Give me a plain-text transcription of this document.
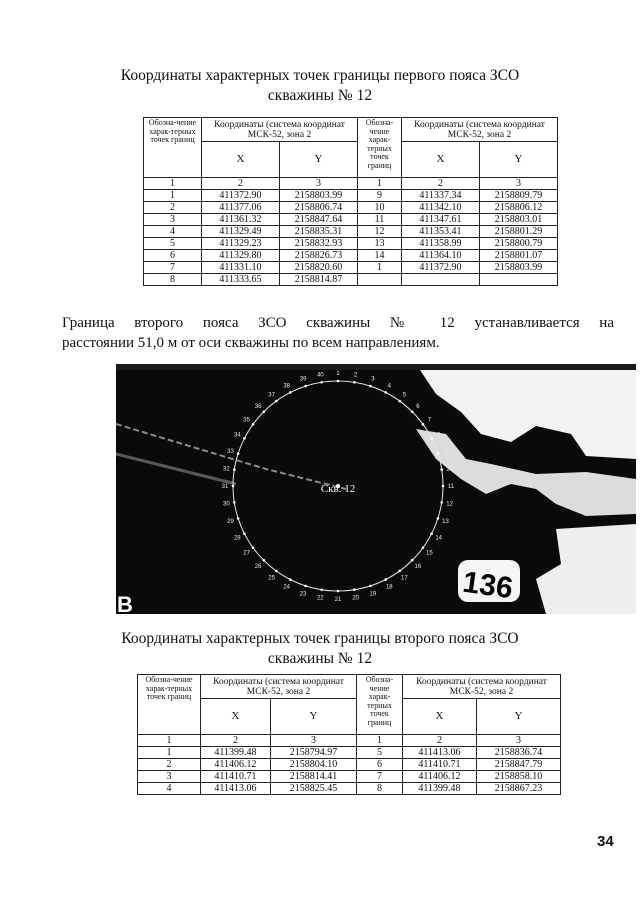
Координаты характерных точек границы первого пояса ЗСО
скважины № 12
Обозна-чение харак-терных точек границ	Координаты (система координат МСК-52, зона 2		Обозна-чение харак-терных точек границ	Координаты (система координат МСК-52, зона 2	
	X	Y		X	Y
1	2	3	1	2	3
1	411372.90	2158803.99	9	411337.34	2158809.79
2	411377.06	2158806.74	10	411342.10	2158806.12
3	411361.32	2158847.64	11	411347.61	2158803.01
4	411329.49	2158835.31	12	411353.41	2158801.29
5	411329.23	2158832.93	13	411358.99	2158800.79
6	411329.80	2158826.73	14	411364.10	2158801.07
7	411331.10	2158820.60	1	411372.90	2158803.99
8	411333.65	2158814.87			
Граница второго пояса ЗСО скважины № 12 устанавливается на
расстоянии 51,0 м от оси скважины по всем направлениям.
1 2
3
4
5
6
7
8
9
10
11
12
13
14
15
16
17
18
19
20
21
22
23
24
25
26
27
28
29
30
31
32
33
34
35
36
37
38
39
40
Скв. 12
136
В
Координаты характерных точек границы второго пояса ЗСО
скважины № 12
Обозна-чение харак-терных точек границ	Координаты (система координат МСК-52, зона 2		Обозна-чение харак-терных точек границ	Координаты (система координат МСК-52, зона 2	
	X	Y		X	Y
1	2	3	1	2	3
1	411399.48	2158794.97	5	411413.06	2158836.74
2	411406.12	2158804.10	6	411410.71	2158847.79
3	411410.71	2158814.41	7	411406.12	2158858.10
4	411413.06	2158825.45	8	411399.48	2158867.23
34
